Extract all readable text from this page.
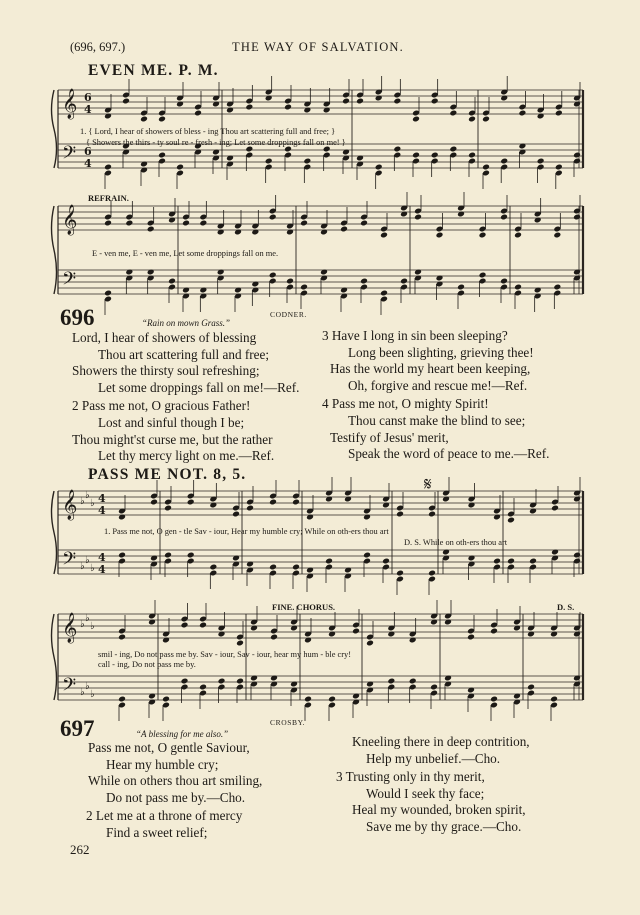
(696, 697.)	THE WAY OF SALVATION.
EVEN ME. P. M.
𝄞
𝄢
6
4
6
4
𝄞
𝄢
𝄞
𝄢
♭
♭
♭
♭
♭
♭
4
4
4
4
𝄞
𝄢
♭
♭
♭
♭
♭
♭
1. { Lord, I hear of showers of bless - ing Thou art scattering full and free; }
{ Showers the thirs - ty soul re - fresh - ing; Let some droppings fall on me! }
REFRAIN.
E - ven me, E - ven me, Let some droppings fall on me.
696	“Rain on mown Grass.”
CODNER.
Lord, I hear of showers of blessing
Thou art scattering full and free;
Showers the thirsty soul refreshing;
Let some droppings fall on me!—Ref.
2 Pass me not, O gracious Father!
Lost and sinful though I be;
Thou might'st curse me, but the rather
Let thy mercy light on me.—Ref.
3 Have I long in sin been sleeping?
Long been slighting, grieving thee!
Has the world my heart been keeping,
Oh, forgive and rescue me!—Ref.
4 Pass me not, O mighty Spirit!
Thou canst make the blind to see;
Testify of Jesus' merit,
Speak the word of peace to me.—Ref.
PASS ME NOT. 8, 5.	𝄋
1. Pass me not, O gen - tle Sav - iour, Hear my humble cry; While on oth-ers thou art
D. S. While on oth-ers thou art
FINE. CHORUS.	D. S.
smil - ing, Do not pass me by. Sav - iour, Sav - iour, hear my hum - ble cry!
call - ing, Do not pass me by.
697	“A blessing for me also.”
CROSBY.
Pass me not, O gentle Saviour,
Hear my humble cry;
While on others thou art smiling,
Do not pass me by.—Cho.
2 Let me at a throne of mercy
Find a sweet relief;
Kneeling there in deep contrition,
Help my unbelief.—Cho.
3 Trusting only in thy merit,
Would I seek thy face;
Heal my wounded, broken spirit,
Save me by thy grace.—Cho.
262
